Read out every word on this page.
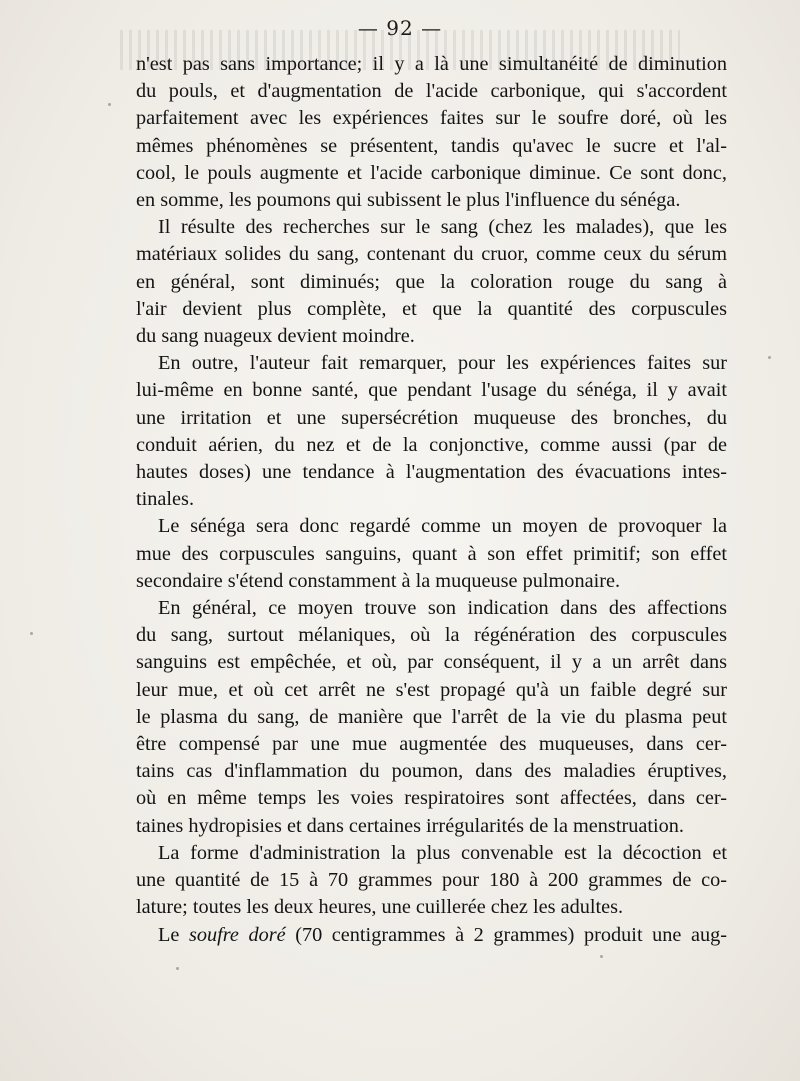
— 92 —

n'est pas sans importance; il y a là une simultanéité de diminution
du pouls, et d'augmentation de l'acide carbonique, qui s'accordent
parfaitement avec les expériences faites sur le soufre doré, où les
mêmes phénomènes se présentent, tandis qu'avec le sucre et l'al-
cool, le pouls augmente et l'acide carbonique diminue. Ce sont donc,
en somme, les poumons qui subissent le plus l'influence du sénéga.

Il résulte des recherches sur le sang (chez les malades), que les
matériaux solides du sang, contenant du cruor, comme ceux du sérum
en général, sont diminués; que la coloration rouge du sang à
l'air devient plus complète, et que la quantité des corpuscules
du sang nuageux devient moindre.

En outre, l'auteur fait remarquer, pour les expériences faites sur
lui-même en bonne santé, que pendant l'usage du sénéga, il y avait
une irritation et une supersécrétion muqueuse des bronches, du
conduit aérien, du nez et de la conjonctive, comme aussi (par de
hautes doses) une tendance à l'augmentation des évacuations intes-
tinales.

Le sénéga sera donc regardé comme un moyen de provoquer la
mue des corpuscules sanguins, quant à son effet primitif; son effet
secondaire s'étend constamment à la muqueuse pulmonaire.

En général, ce moyen trouve son indication dans des affections
du sang, surtout mélaniques, où la régénération des corpuscules
sanguins est empêchée, et où, par conséquent, il y a un arrêt dans
leur mue, et où cet arrêt ne s'est propagé qu'à un faible degré sur
le plasma du sang, de manière que l'arrêt de la vie du plasma peut
être compensé par une mue augmentée des muqueuses, dans cer-
tains cas d'inflammation du poumon, dans des maladies éruptives,
où en même temps les voies respiratoires sont affectées, dans cer-
taines hydropisies et dans certaines irrégularités de la menstruation.

La forme d'administration la plus convenable est la décoction et
une quantité de 15 à 70 grammes pour 180 à 200 grammes de co-
lature; toutes les deux heures, une cuillerée chez les adultes.

Le soufre doré (70 centigrammes à 2 grammes) produit une aug-
